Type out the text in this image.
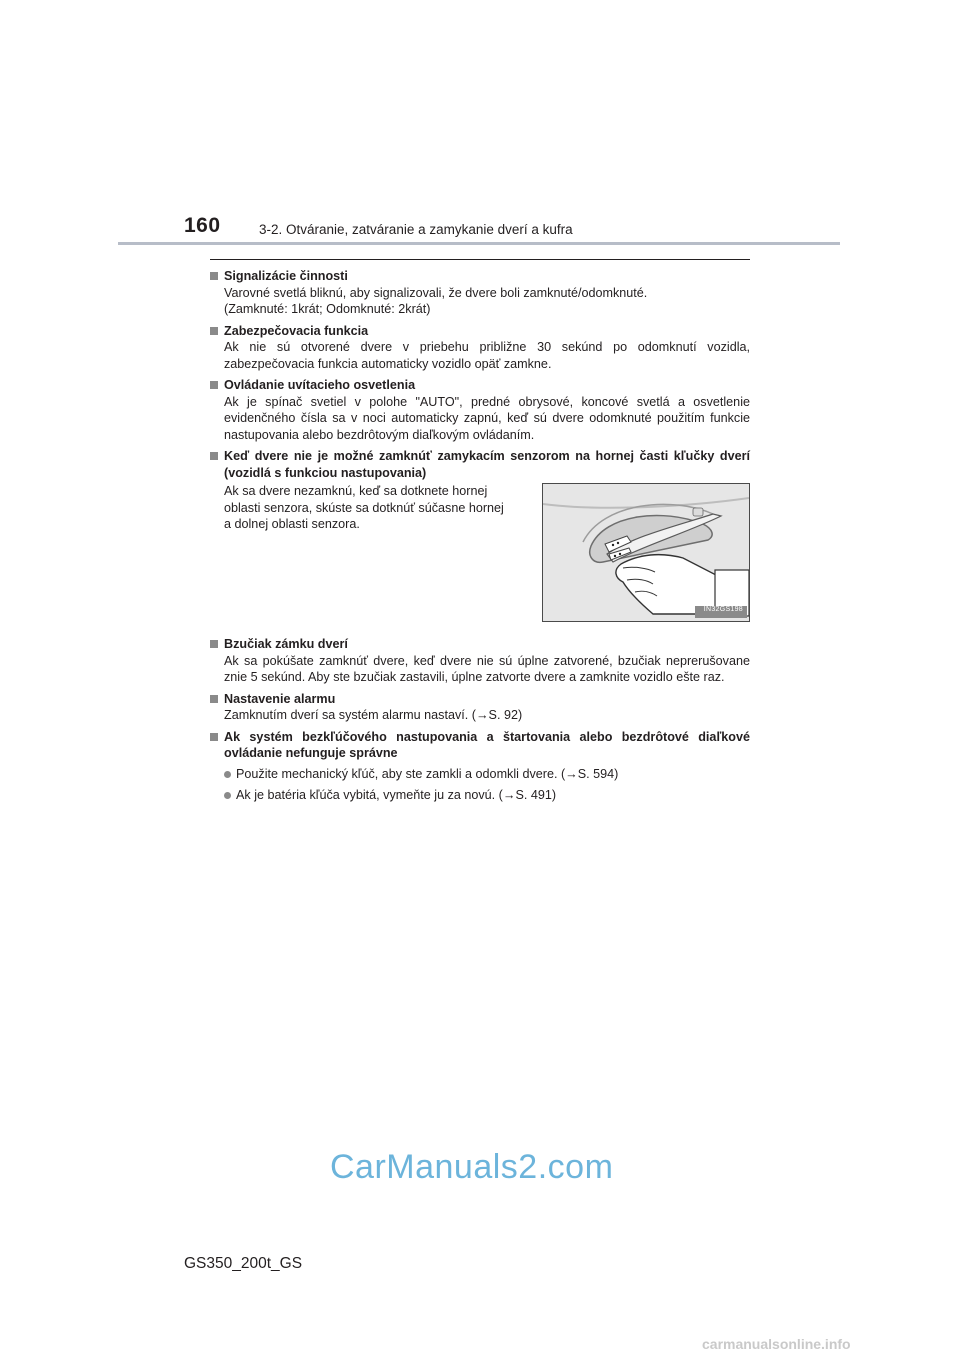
160	3-2. Otváranie, zatváranie a zamykanie dverí a kufra
Signalizácie činnosti
Varovné svetlá bliknú, aby signalizovali, že dvere boli zamknuté/odomknuté.
(Zamknuté: 1krát; Odomknuté: 2krát)
Zabezpečovacia funkcia
Ak nie sú otvorené dvere v priebehu približne 30 sekúnd po odomknutí vozidla, zabezpečovacia funkcia automaticky vozidlo opäť zamkne.
Ovládanie uvítacieho osvetlenia
Ak je spínač svetiel v polohe "AUTO", predné obrysové, koncové svetlá a osvetlenie evidenčného čísla sa v noci automaticky zapnú, keď sú dvere odomknuté použitím funkcie nastupovania alebo bezdrôtovým diaľkovým ovládaním.
Keď dvere nie je možné zamknúť zamykacím senzorom na hornej časti kľučky dverí (vozidlá s funkciou nastupovania)
Ak sa dvere nezamknú, keď sa dotknete hornej oblasti senzora, skúste sa dotknúť súčasne hornej a dolnej oblasti senzora.
IN32GS198
Bzučiak zámku dverí
Ak sa pokúšate zamknúť dvere, keď dvere nie sú úplne zatvorené, bzučiak neprerušovane znie 5 sekúnd. Aby ste bzučiak zastavili, úplne zatvorte dvere a zamknite vozidlo ešte raz.
Nastavenie alarmu
Zamknutím dverí sa systém alarmu nastaví. (→S. 92)
Ak systém bezkľúčového nastupovania a štartovania alebo bezdrôtové diaľkové ovládanie nefunguje správne
Použite mechanický kľúč, aby ste zamkli a odomkli dvere. (→S. 594)
Ak je batéria kľúča vybitá, vymeňte ju za novú. (→S. 491)
CarManuals2.com
GS350_200t_GS
carmanualsonline.info
